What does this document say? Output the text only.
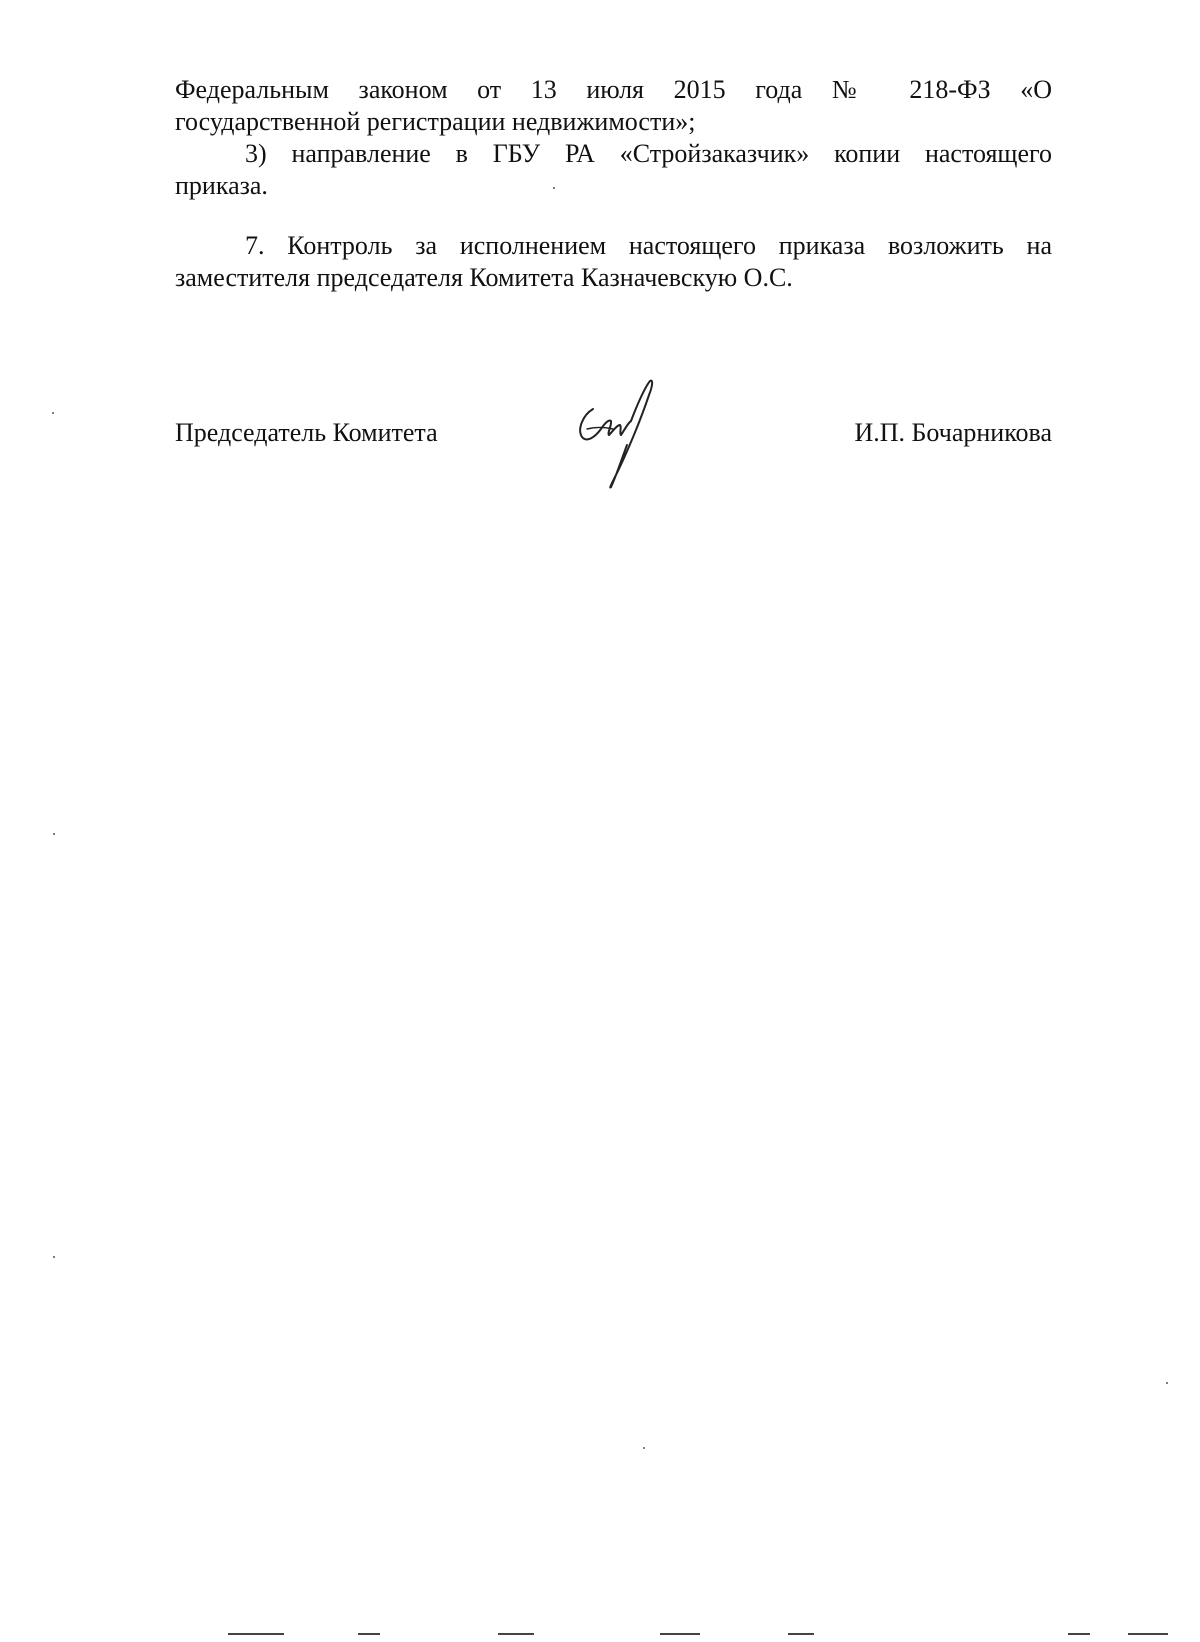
Федеральным законом от 13 июля 2015 года № 218-ФЗ «О
государственной регистрации недвижимости»;
3) направление в ГБУ РА «Стройзаказчик» копии настоящего
приказа.
7. Контроль за исполнением настоящего приказа возложить на
заместителя председателя Комитета Казначевскую О.С.
Председатель Комитета	И.П. Бочарникова
